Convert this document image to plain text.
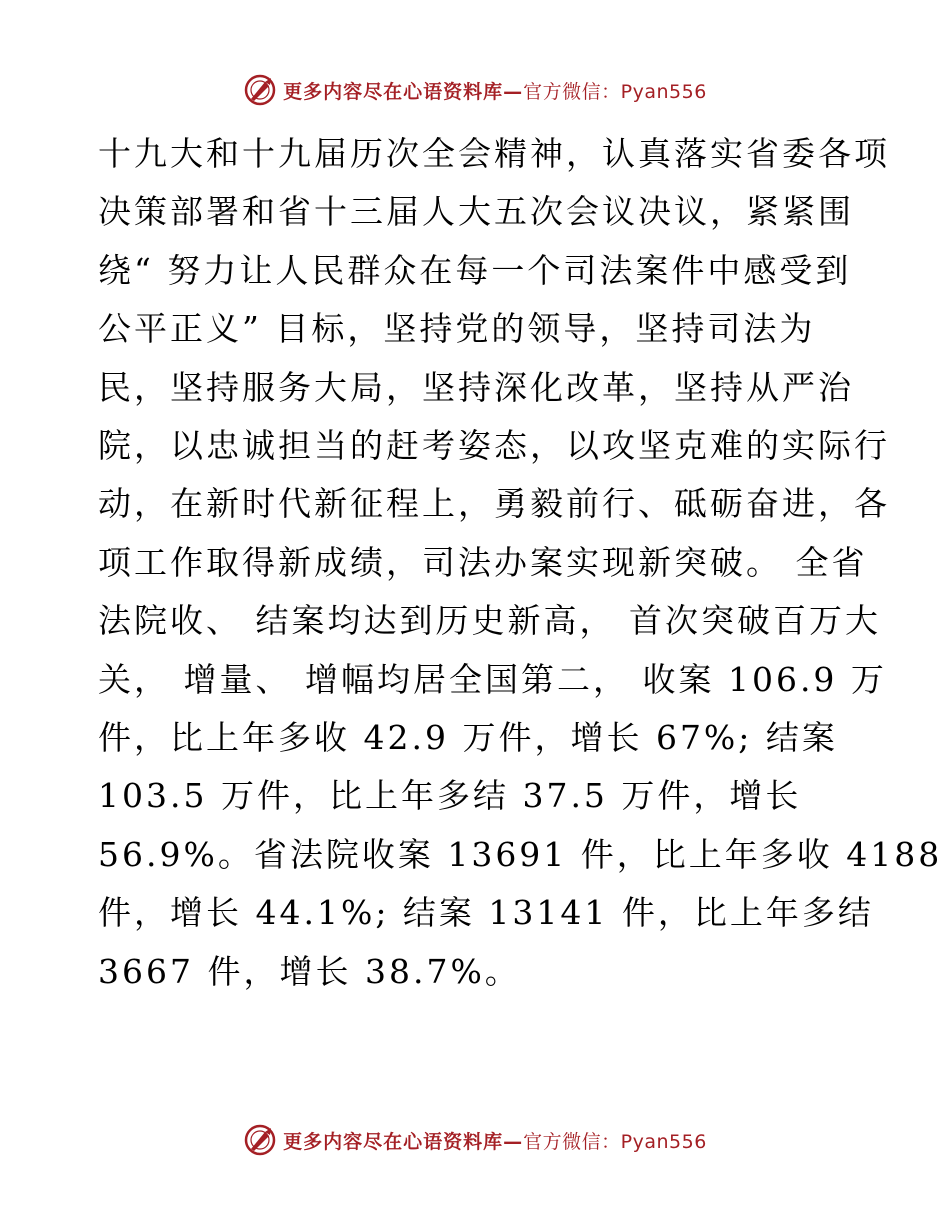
更多内容尽在心语资料库—官方微信：Pyan556
十九大和十九届历次全会精神，认真落实省委各项
决策部署和省十三届人大五次会议决议，紧紧围
绕“ 努力让人民群众在每一个司法案件中感受到
公平正义” 目标，坚持党的领导，坚持司法为
民，坚持服务大局，坚持深化改革，坚持从严治
院，以忠诚担当的赶考姿态，以攻坚克难的实际行
动，在新时代新征程上，勇毅前行、砥砺奋进，各
项工作取得新成绩，司法办案实现新突破。 全省
法院收、 结案均达到历史新高， 首次突破百万大
关， 增量、 增幅均居全国第二， 收案 106.9 万
件，比上年多收 42.9 万件，增长 67%; 结案
103.5 万件，比上年多结 37.5 万件，增长
56.9%。省法院收案 13691 件，比上年多收 4188
件，增长 44.1%; 结案 13141 件，比上年多结
3667 件，增长 38.7%。
更多内容尽在心语资料库—官方微信：Pyan556
